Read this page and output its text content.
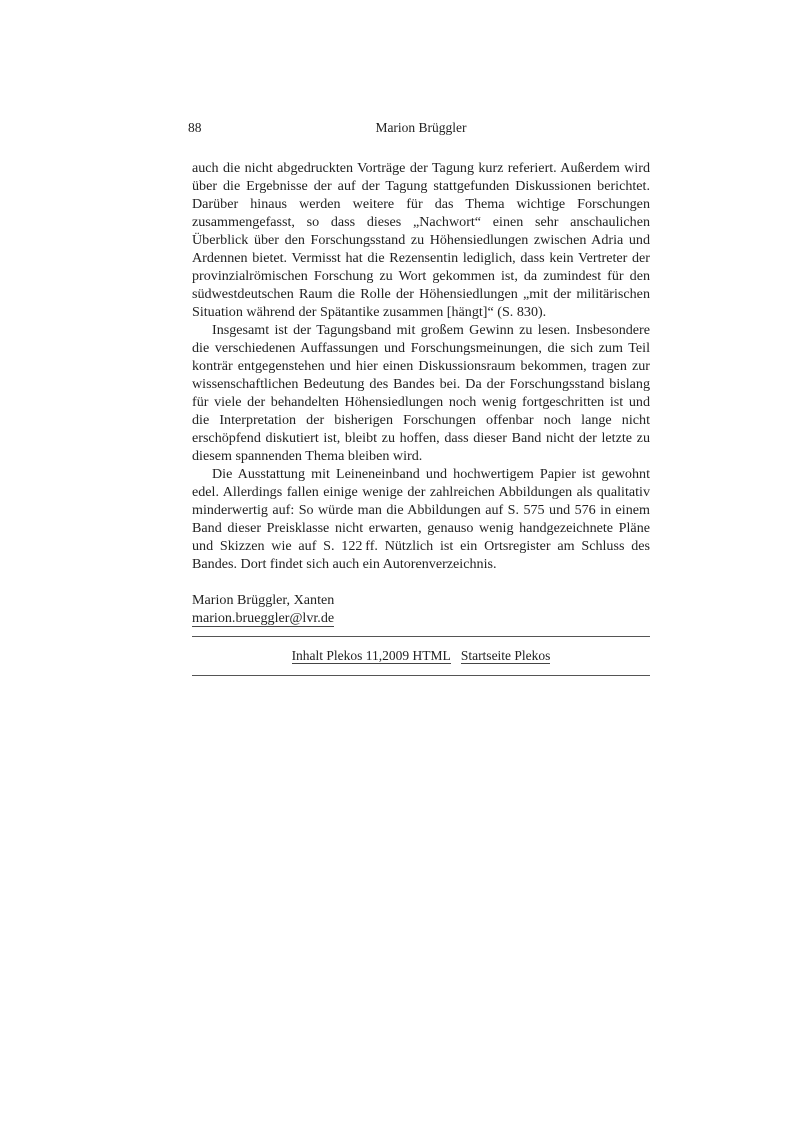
88	Marion Brüggler

auch die nicht abgedruckten Vorträge der Tagung kurz referiert. Außerdem wird über die Ergebnisse der auf der Tagung stattgefunden Diskussionen berichtet. Darüber hinaus werden weitere für das Thema wichtige Forschungen zusammengefasst, so dass dieses „Nachwort“ einen sehr anschaulichen Überblick über den Forschungsstand zu Höhensiedlungen zwischen Adria und Ardennen bietet. Vermisst hat die Rezensentin lediglich, dass kein Vertreter der provinzialrömischen Forschung zu Wort gekommen ist, da zumindest für den südwestdeutschen Raum die Rolle der Höhensiedlungen „mit der militärischen Situation während der Spätantike zusammen [hängt]“ (S. 830).

Insgesamt ist der Tagungsband mit großem Gewinn zu lesen. Insbesondere die verschiedenen Auffassungen und Forschungsmeinungen, die sich zum Teil konträr entgegenstehen und hier einen Diskussionsraum bekommen, tragen zur wissenschaftlichen Bedeutung des Bandes bei. Da der Forschungsstand bislang für viele der behandelten Höhensiedlungen noch wenig fortgeschritten ist und die Interpretation der bisherigen Forschungen offenbar noch lange nicht erschöpfend diskutiert ist, bleibt zu hoffen, dass dieser Band nicht der letzte zu diesem spannenden Thema bleiben wird.

Die Ausstattung mit Leineneinband und hochwertigem Papier ist gewohnt edel. Allerdings fallen einige wenige der zahlreichen Abbildungen als qualitativ minderwertig auf: So würde man die Abbildungen auf S. 575 und 576 in einem Band dieser Preisklasse nicht erwarten, genauso wenig handgezeichnete Pläne und Skizzen wie auf S. 122 ff. Nützlich ist ein Ortsregister am Schluss des Bandes. Dort findet sich auch ein Autorenverzeichnis.

Marion Brüggler, Xanten
marion.brueggler@lvr.de
Inhalt Plekos 11,2009 HTML Startseite Plekos
